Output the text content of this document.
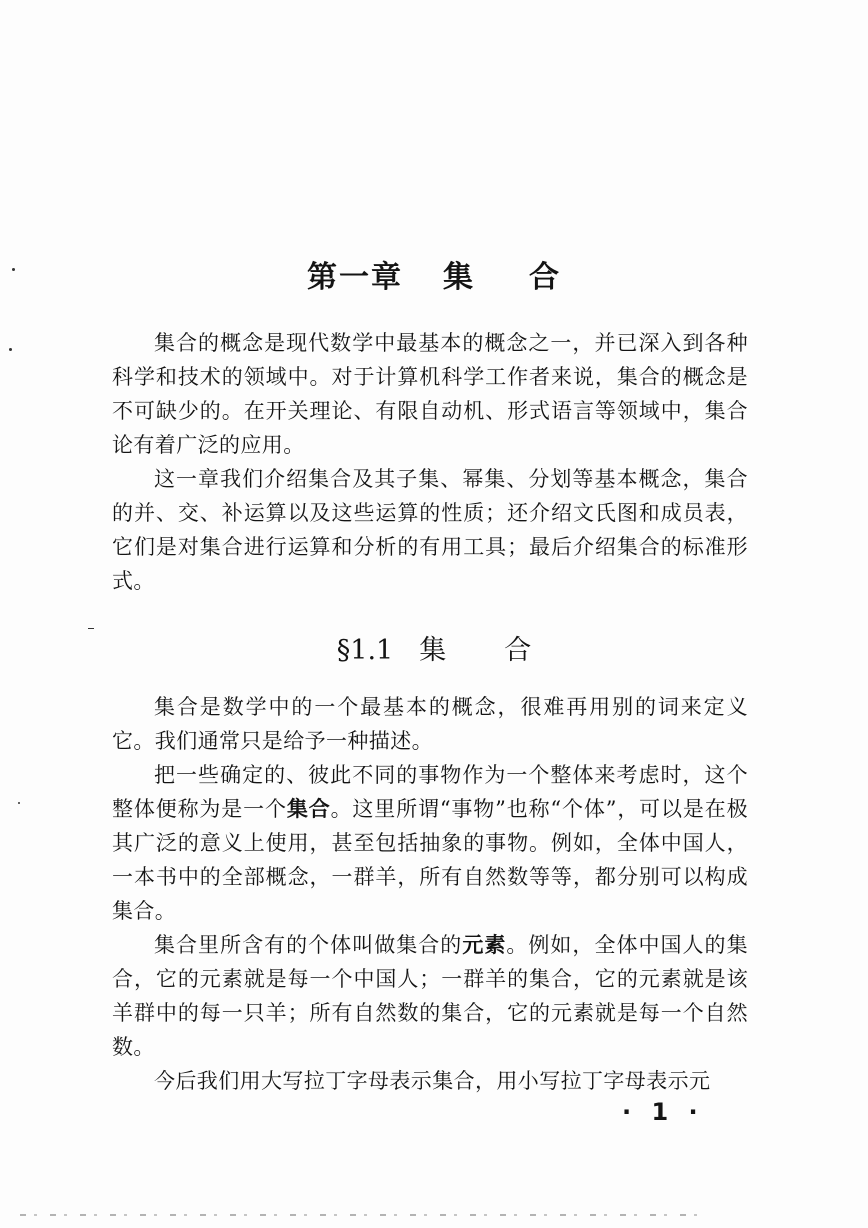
第一章 集 合

集合的概念是现代数学中最基本的概念之一，并已深入到各种科学和技术的领域中。对于计算机科学工作者来说，集合的概念是不可缺少的。在开关理论、有限自动机、形式语言等领域中，集合论有着广泛的应用。

这一章我们介绍集合及其子集、幂集、分划等基本概念，集合的并、交、补运算以及这些运算的性质；还介绍文氏图和成员表，它们是对集合进行运算和分析的有用工具；最后介绍集合的标准形式。

§1.1 集 合

集合是数学中的一个最基本的概念，很难再用别的词来定义它。我们通常只是给予一种描述。

把一些确定的、彼此不同的事物作为一个整体来考虑时，这个整体便称为是一个集合。这里所谓“事物”也称“个体”，可以是在极其广泛的意义上使用，甚至包括抽象的事物。例如，全体中国人，一本书中的全部概念，一群羊，所有自然数等等，都分别可以构成集合。

集合里所含有的个体叫做集合的元素。例如，全体中国人的集合，它的元素就是每一个中国人；一群羊的集合，它的元素就是该羊群中的每一只羊；所有自然数的集合，它的元素就是每一个自然数。

今后我们用大写拉丁字母表示集合，用小写拉丁字母表示元

· 1 ·
